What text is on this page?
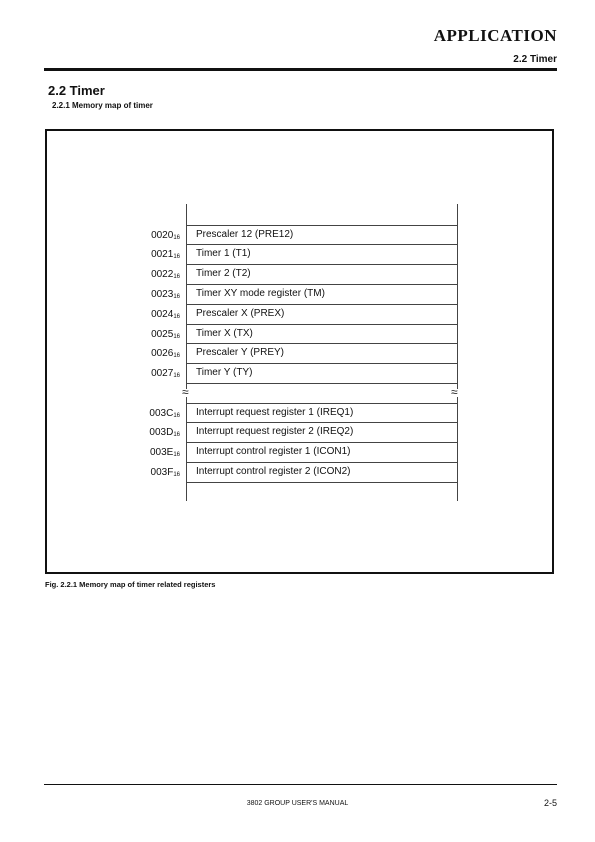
APPLICATION
2.2 Timer
2.2 Timer
2.2.1 Memory map of timer
$0020_{16}$ Prescaler 12 (PRE12)
$0021_{16}$ Timer 1 (T1)
$0022_{16}$ Timer 2 (T2)
$0023_{16}$ Timer XY mode register (TM)
$0024_{16}$ Prescaler X (PREX)
$0025_{16}$ Timer X (TX)
$0026_{16}$ Prescaler Y (PREY)
$0027_{16}$ Timer Y (TY)
$003C_{16}$ Interrupt request register 1 (IREQ1)
$003D_{16}$ Interrupt request register 2 (IREQ2)
$003E_{16}$ Interrupt control register 1 (ICON1)
$003F_{16}$ Interrupt control register 2 (ICON2)
≈	≈
Fig. 2.2.1 Memory map of timer related registers
3802 GROUP USER'S MANUAL	2-5
